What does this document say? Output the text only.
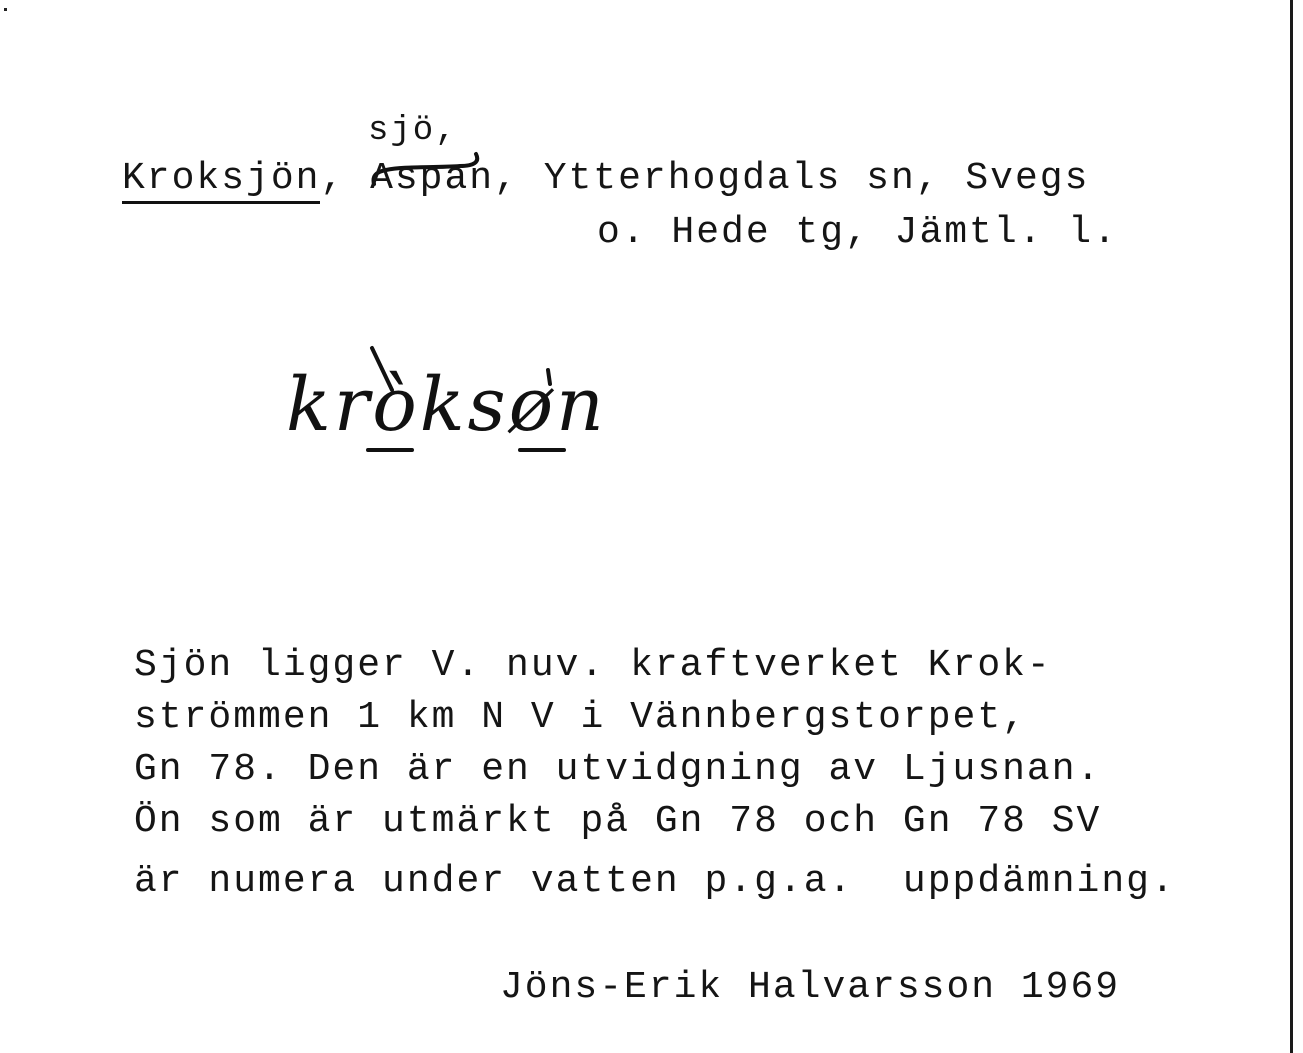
sjö,
Kroksjön, Aspan, Ytterhogdals sn, Svegs
o. Hede tg, Jämtl. l.
kròksøn
Sjön ligger V. nuv. kraftverket Krok-
strömmen 1 km N V i Vännbergstorpet,
Gn 78. Den är en utvidgning av Ljusnan.
Ön som är utmärkt på Gn 78 och Gn 78 SV
är numera under vatten p.g.a.  uppdämning.
Jöns-Erik Halvarsson 1969
